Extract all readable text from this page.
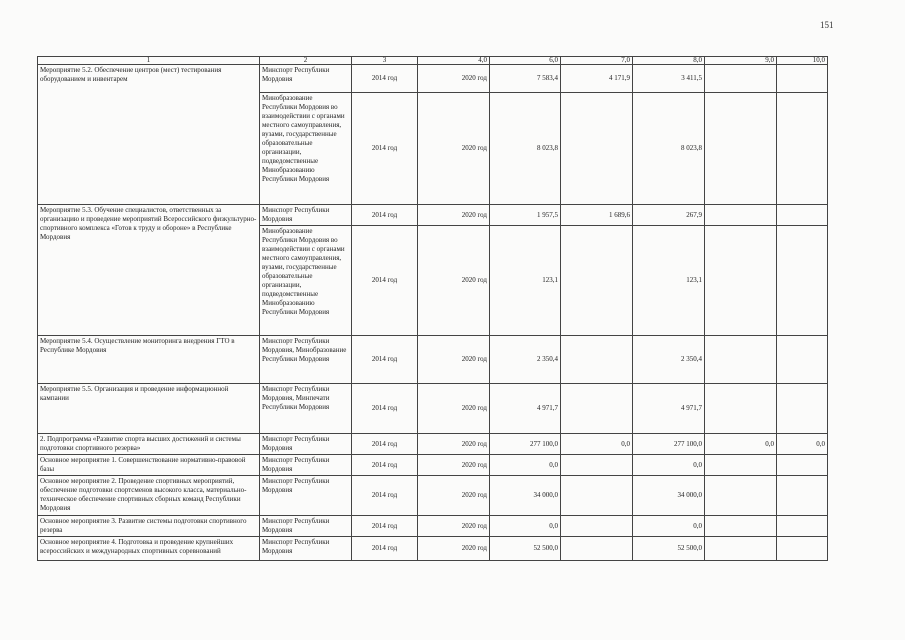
151
1	2	3	4,0	6,0	7,0	8,0	9,0	10,0
Мероприятие 5.2. Обеспечение центров (мест) тестирования оборудованием и инвентарем	Минспорт Республики Мордовия	2014 год	2020 год	7 583,4	4 171,9	3 411,5		
	Минобразование Республики Мордовия во взаимодействии с органами местного самоуправления, вузами, государственные образовательные организации, подведомственные Минобразованию Республики Мордовия	2014 год	2020 год	8 023,8		8 023,8		
Мероприятие 5.3. Обучение специалистов, ответственных за организацию и проведение мероприятий Всероссийского физкультурно-спортивного комплекса «Готов к труду и обороне» в Республике Мордовия	Минспорт Республики Мордовия	2014 год	2020 год	1 957,5	1 689,6	267,9		
	Минобразование Республики Мордовия во взаимодействии с органами местного самоуправления, вузами, государственные образовательные организации, подведомственные Минобразованию Республики Мордовия	2014 год	2020 год	123,1		123,1		
Мероприятие 5.4. Осуществление мониторинга внедрения ГТО в Республике Мордовия	Минспорт Республики Мордовия, Минобразование Республики Мордовия	2014 год	2020 год	2 350,4		2 350,4		
Мероприятие 5.5. Организация и проведение информационной кампании	Минспорт Республики Мордовия, Минпечати Республики Мордовия	2014 год	2020 год	4 971,7		4 971,7		
2. Подпрограмма «Развитие спорта высших достижений и системы подготовки спортивного резерва»	Минспорт Республики Мордовия	2014 год	2020 год	277 100,0	0,0	277 100,0	0,0	0,0
Основное мероприятие 1. Совершенствование нормативно-правовой базы	Минспорт Республики Мордовия	2014 год	2020 год	0,0		0,0		
Основное мероприятие 2. Проведение спортивных мероприятий, обеспечение подготовки спортсменов высокого класса, материально-техническое обеспечение спортивных сборных команд Республики Мордовия	Минспорт Республики Мордовия	2014 год	2020 год	34 000,0		34 000,0		
Основное мероприятие 3. Развитие системы подготовки спортивного резерва	Минспорт Республики Мордовия	2014 год	2020 год	0,0		0,0		
Основное мероприятие 4. Подготовка и проведение крупнейших всероссийских и международных спортивных соревнований	Минспорт Республики Мордовия	2014 год	2020 год	52 500,0		52 500,0		
